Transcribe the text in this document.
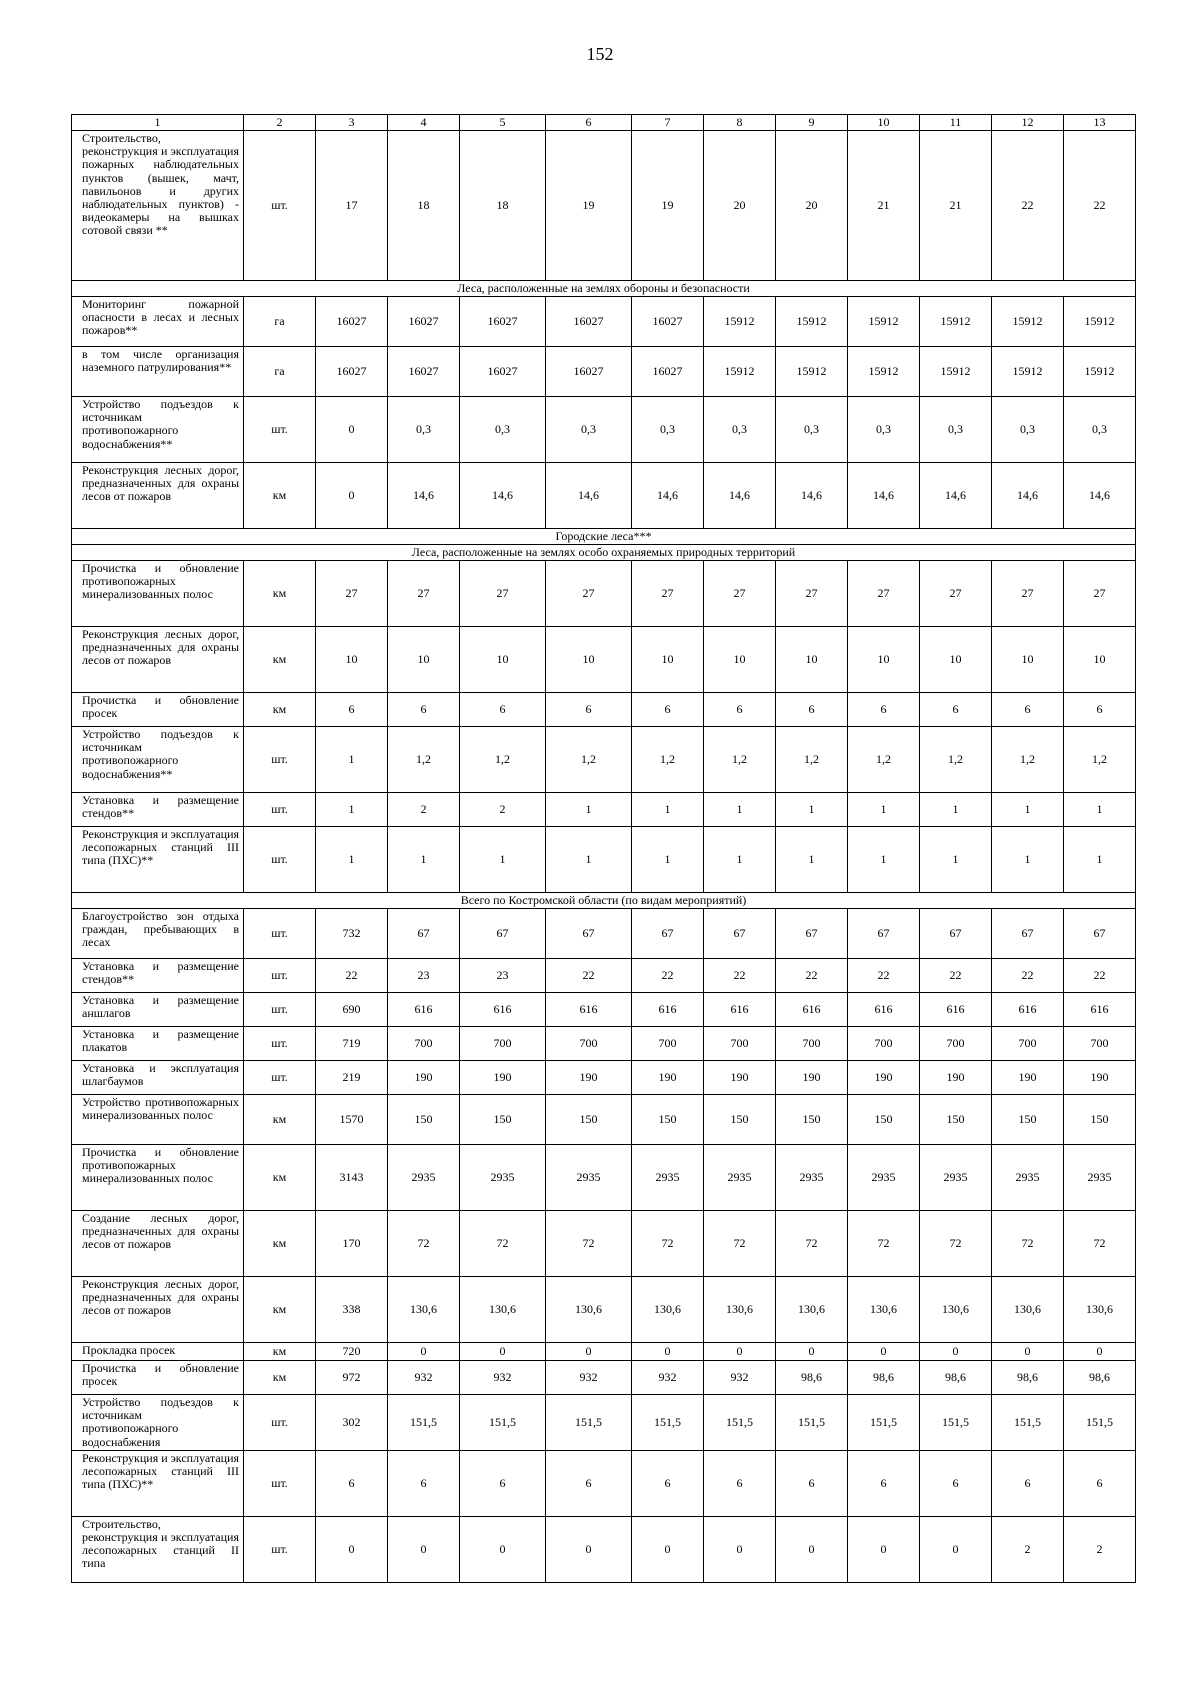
152
1	2	3	4	5	6	7	8	9	10	11	12	13
Строительство, реконструкция и эксплуатация пожарных наблюдательных пунктов (вышек, мачт, павильонов и других наблюдательных пунктов) - видеокамеры на вышках сотовой связи **	шт.	17	18	18	19	19	20	20	21	21	22	22
Леса, расположенные на землях обороны и безопасности												
Мониторинг пожарной опасности в лесах и лесных пожаров**	га	16027	16027	16027	16027	16027	15912	15912	15912	15912	15912	15912
в том числе организация наземного патрулирования**	га	16027	16027	16027	16027	16027	15912	15912	15912	15912	15912	15912
Устройство подъездов к источникам противопожарного водоснабжения**	шт.	0	0,3	0,3	0,3	0,3	0,3	0,3	0,3	0,3	0,3	0,3
Реконструкция лесных дорог, предназначенных для охраны лесов от пожаров	км	0	14,6	14,6	14,6	14,6	14,6	14,6	14,6	14,6	14,6	14,6
Городские леса***												
Леса, расположенные на землях особо охраняемых природных территорий												
Прочистка и обновление противопожарных минерализованных полос	км	27	27	27	27	27	27	27	27	27	27	27
Реконструкция лесных дорог, предназначенных для охраны лесов от пожаров	км	10	10	10	10	10	10	10	10	10	10	10
Прочистка и обновление просек	км	6	6	6	6	6	6	6	6	6	6	6
Устройство подъездов к источникам противопожарного водоснабжения**	шт.	1	1,2	1,2	1,2	1,2	1,2	1,2	1,2	1,2	1,2	1,2
Установка и размещение стендов**	шт.	1	2	2	1	1	1	1	1	1	1	1
Реконструкция и эксплуатация лесопожарных станций III типа (ПХС)**	шт.	1	1	1	1	1	1	1	1	1	1	1
Всего по Костромской области (по видам мероприятий)												
Благоустройство зон отдыха граждан, пребывающих в лесах	шт.	732	67	67	67	67	67	67	67	67	67	67
Установка и размещение стендов**	шт.	22	23	23	22	22	22	22	22	22	22	22
Установка и размещение аншлагов	шт.	690	616	616	616	616	616	616	616	616	616	616
Установка и размещение плакатов	шт.	719	700	700	700	700	700	700	700	700	700	700
Установка и эксплуатация шлагбаумов	шт.	219	190	190	190	190	190	190	190	190	190	190
Устройство противопожарных минерализованных полос	км	1570	150	150	150	150	150	150	150	150	150	150
Прочистка и обновление противопожарных минерализованных полос	км	3143	2935	2935	2935	2935	2935	2935	2935	2935	2935	2935
Создание лесных дорог, предназначенных для охраны лесов от пожаров	км	170	72	72	72	72	72	72	72	72	72	72
Реконструкция лесных дорог, предназначенных для охраны лесов от пожаров	км	338	130,6	130,6	130,6	130,6	130,6	130,6	130,6	130,6	130,6	130,6
Прокладка просек	км	720	0	0	0	0	0	0	0	0	0	0
Прочистка и обновление просек	км	972	932	932	932	932	932	98,6	98,6	98,6	98,6	98,6
Устройство подъездов к источникам противопожарного водоснабжения	шт.	302	151,5	151,5	151,5	151,5	151,5	151,5	151,5	151,5	151,5	151,5
Реконструкция и эксплуатация лесопожарных станций III типа (ПХС)**	шт.	6	6	6	6	6	6	6	6	6	6	6
Строительство, реконструкция и эксплуатация лесопожарных станций II типа	шт.	0	0	0	0	0	0	0	0	0	2	2
